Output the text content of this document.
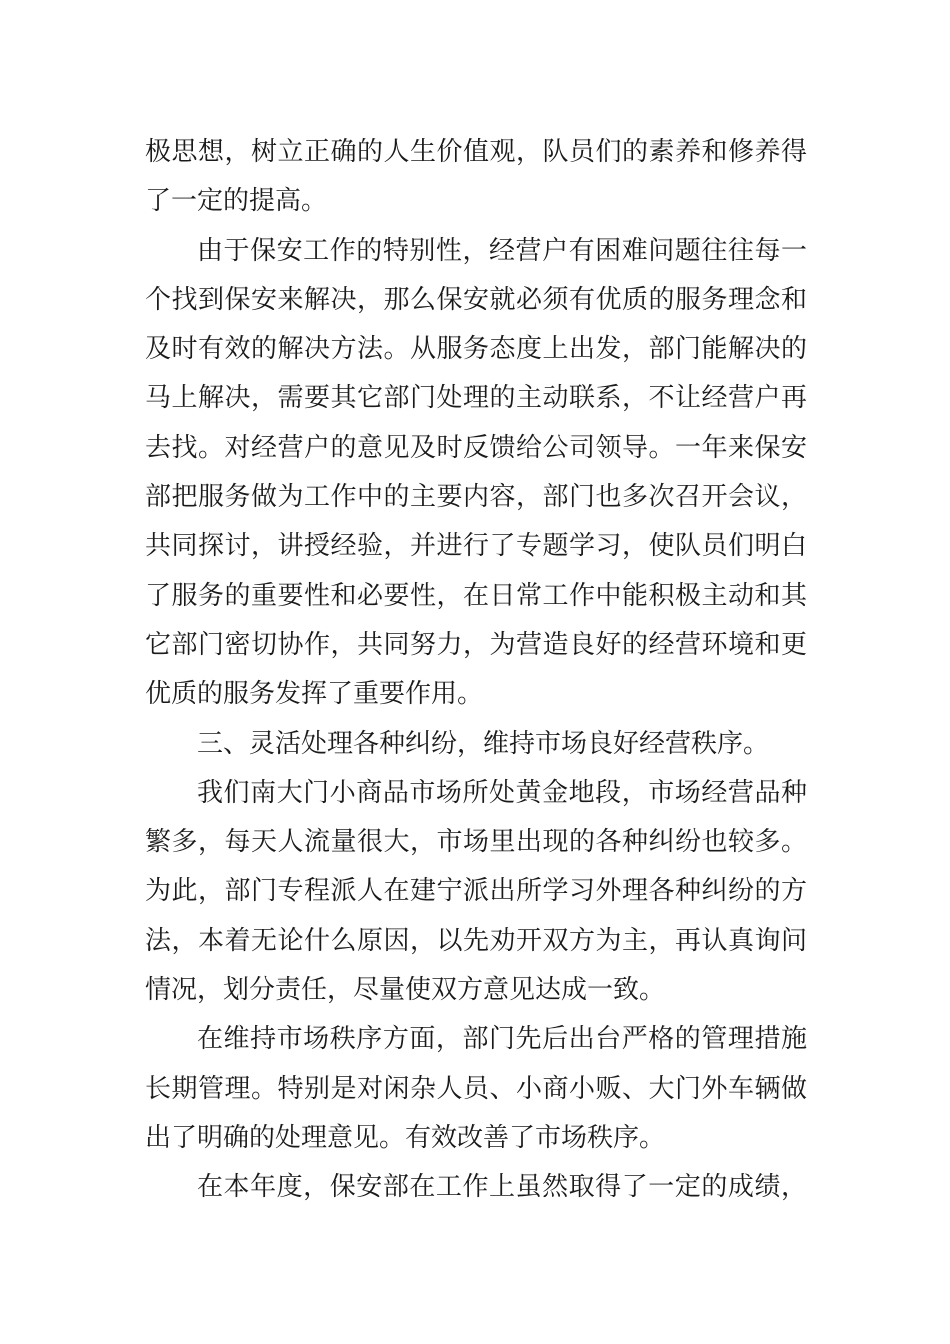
极思想，树立正确的人生价值观，队员们的素养和修养得
了一定的提高。
由于保安工作的特别性，经营户有困难问题往往每一
个找到保安来解决，那么保安就必须有优质的服务理念和
及时有效的解决方法。从服务态度上出发，部门能解决的
马上解决，需要其它部门处理的主动联系，不让经营户再
去找。对经营户的意见及时反馈给公司领导。一年来保安
部把服务做为工作中的主要内容，部门也多次召开会议，
共同探讨，讲授经验，并进行了专题学习，使队员们明白
了服务的重要性和必要性，在日常工作中能积极主动和其
它部门密切协作，共同努力，为营造良好的经营环境和更
优质的服务发挥了重要作用。
三、灵活处理各种纠纷，维持市场良好经营秩序。
我们南大门小商品市场所处黄金地段，市场经营品种
繁多，每天人流量很大，市场里出现的各种纠纷也较多。
为此，部门专程派人在建宁派出所学习外理各种纠纷的方
法，本着无论什么原因，以先劝开双方为主，再认真询问
情况，划分责任，尽量使双方意见达成一致。
在维持市场秩序方面，部门先后出台严格的管理措施
长期管理。特别是对闲杂人员、小商小贩、大门外车辆做
出了明确的处理意见。有效改善了市场秩序。
在本年度，保安部在工作上虽然取得了一定的成绩，
